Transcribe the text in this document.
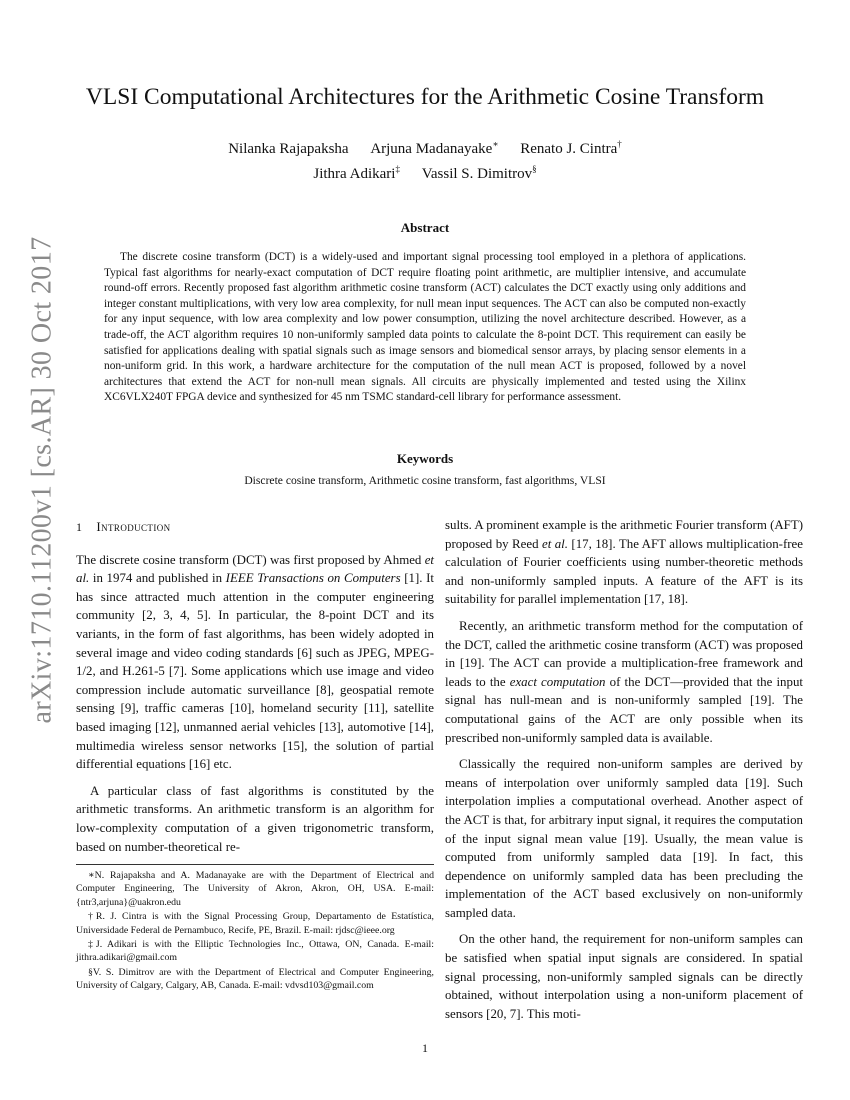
arXiv:1710.11200v1 [cs.AR] 30 Oct 2017
VLSI Computational Architectures for the Arithmetic Cosine Transform
Nilanka Rajapaksha Arjuna Madanayake∗ Renato J. Cintra†
Jithra Adikari‡ Vassil S. Dimitrov§
Abstract

The discrete cosine transform (DCT) is a widely-used and important signal processing tool employed in a plethora of applications. Typical fast algorithms for nearly-exact computation of DCT require floating point arithmetic, are multiplier intensive, and accumulate round-off errors. Recently proposed fast algorithm arithmetic cosine transform (ACT) calculates the DCT exactly using only additions and integer constant multiplications, with very low area complexity, for null mean input sequences. The ACT can also be computed non-exactly for any input sequence, with low area complexity and low power consumption, utilizing the novel architecture described. However, as a trade-off, the ACT algorithm requires 10 non-uniformly sampled data points to calculate the 8-point DCT. This requirement can easily be satisfied for applications dealing with spatial signals such as image sensors and biomedical sensor arrays, by placing sensor elements in a non-uniform grid. In this work, a hardware architecture for the computation of the null mean ACT is proposed, followed by a novel architectures that extend the ACT for non-null mean signals. All circuits are physically implemented and tested using the Xilinx XC6VLX240T FPGA device and synthesized for 45 nm TSMC standard-cell library for performance assessment.

Keywords

Discrete cosine transform, Arithmetic cosine transform, fast algorithms, VLSI

1 Introduction

The discrete cosine transform (DCT) was first proposed by Ahmed et al. in 1974 and published in IEEE Transactions on Computers [1]. It has since attracted much attention in the computer engineering community [2, 3, 4, 5]. In particular, the 8-point DCT and its variants, in the form of fast algorithms, has been widely adopted in several image and video coding standards [6] such as JPEG, MPEG-1/2, and H.261-5 [7]. Some applications which use image and video compression include automatic surveillance [8], geospatial remote sensing [9], traffic cameras [10], homeland security [11], satellite based imaging [12], unmanned aerial vehicles [13], automotive [14], multimedia wireless sensor networks [15], the solution of partial differential equations [16] etc.

A particular class of fast algorithms is constituted by the arithmetic transforms. An arithmetic transform is an algorithm for low-complexity computation of a given trigonometric transform, based on number-theoretical re-

∗N. Rajapaksha and A. Madanayake are with the Department of Electrical and Computer Engineering, The University of Akron, Akron, OH, USA. E-mail: {ntr3,arjuna}@uakron.edu

†R. J. Cintra is with the Signal Processing Group, Departamento de Estatística, Universidade Federal de Pernambuco, Recife, PE, Brazil. E-mail: rjdsc@ieee.org

‡J. Adikari is with the Elliptic Technologies Inc., Ottawa, ON, Canada. E-mail: jithra.adikari@gmail.com

§V. S. Dimitrov are with the Department of Electrical and Computer Engineering, University of Calgary, Calgary, AB, Canada. E-mail: vdvsd103@gmail.com

sults. A prominent example is the arithmetic Fourier transform (AFT) proposed by Reed et al. [17, 18]. The AFT allows multiplication-free calculation of Fourier coefficients using number-theoretic methods and non-uniformly sampled inputs. A feature of the AFT is its suitability for parallel implementation [17, 18].

Recently, an arithmetic transform method for the computation of the DCT, called the arithmetic cosine transform (ACT) was proposed in [19]. The ACT can provide a multiplication-free framework and leads to the exact computation of the DCT—provided that the input signal has null-mean and is non-uniformly sampled [19]. The computational gains of the ACT are only possible when its prescribed non-uniformly sampled data is available.

Classically the required non-uniform samples are derived by means of interpolation over uniformly sampled data [19]. Such interpolation implies a computational overhead. Another aspect of the ACT is that, for arbitrary input signal, it requires the computation of the input signal mean value [19]. Usually, the mean value is computed from uniformly sampled data [19]. In fact, this dependence on uniformly sampled data has been precluding the implementation of the ACT based exclusively on non-uniformly sampled data.

On the other hand, the requirement for non-uniform samples can be satisfied when spatial input signals are considered. In spatial signal processing, non-uniformly sampled signals can be directly obtained, without interpolation using a non-uniform placement of sensors [20, 7]. This moti-

1
